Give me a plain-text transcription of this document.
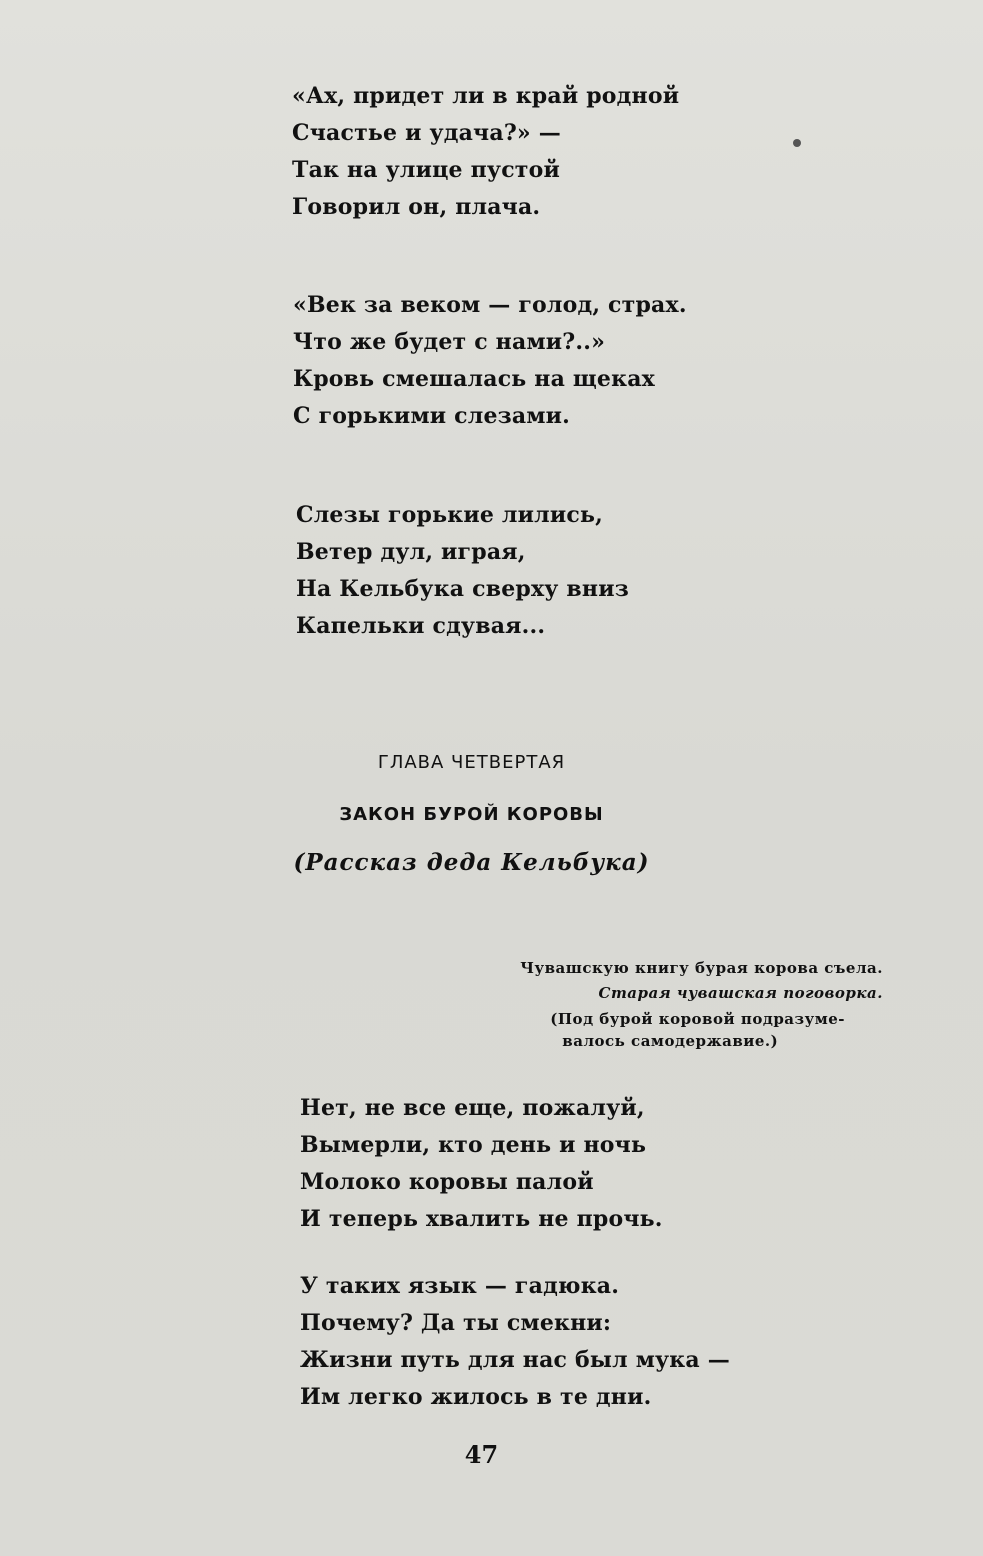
«Ах, придет ли в край родной
Счастье и удача?» —
Так на улице пустой
Говорил он, плача.
«Век за веком — голод, страх.
Что же будет с нами?..»
Кровь смешалась на щеках
С горькими слезами.
Слезы горькие лились,
Ветер дул, играя,
На Кельбука сверху вниз
Капельки сдувая...
ГЛАВА ЧЕТВЕРТАЯ
ЗАКОН БУРОЙ КОРОВЫ
(Рассказ деда Кельбука)
Чувашскую книгу бурая корова съела.
Старая чувашская поговорка.
(Под бурой коровой подразуме-
валось самодержавие.)
Нет, не все еще, пожалуй,
Вымерли, кто день и ночь
Молоко коровы палой
И теперь хвалить не прочь.
У таких язык — гадюка.
Почему? Да ты смекни:
Жизни путь для нас был мука —
Им легко жилось в те дни.
47
